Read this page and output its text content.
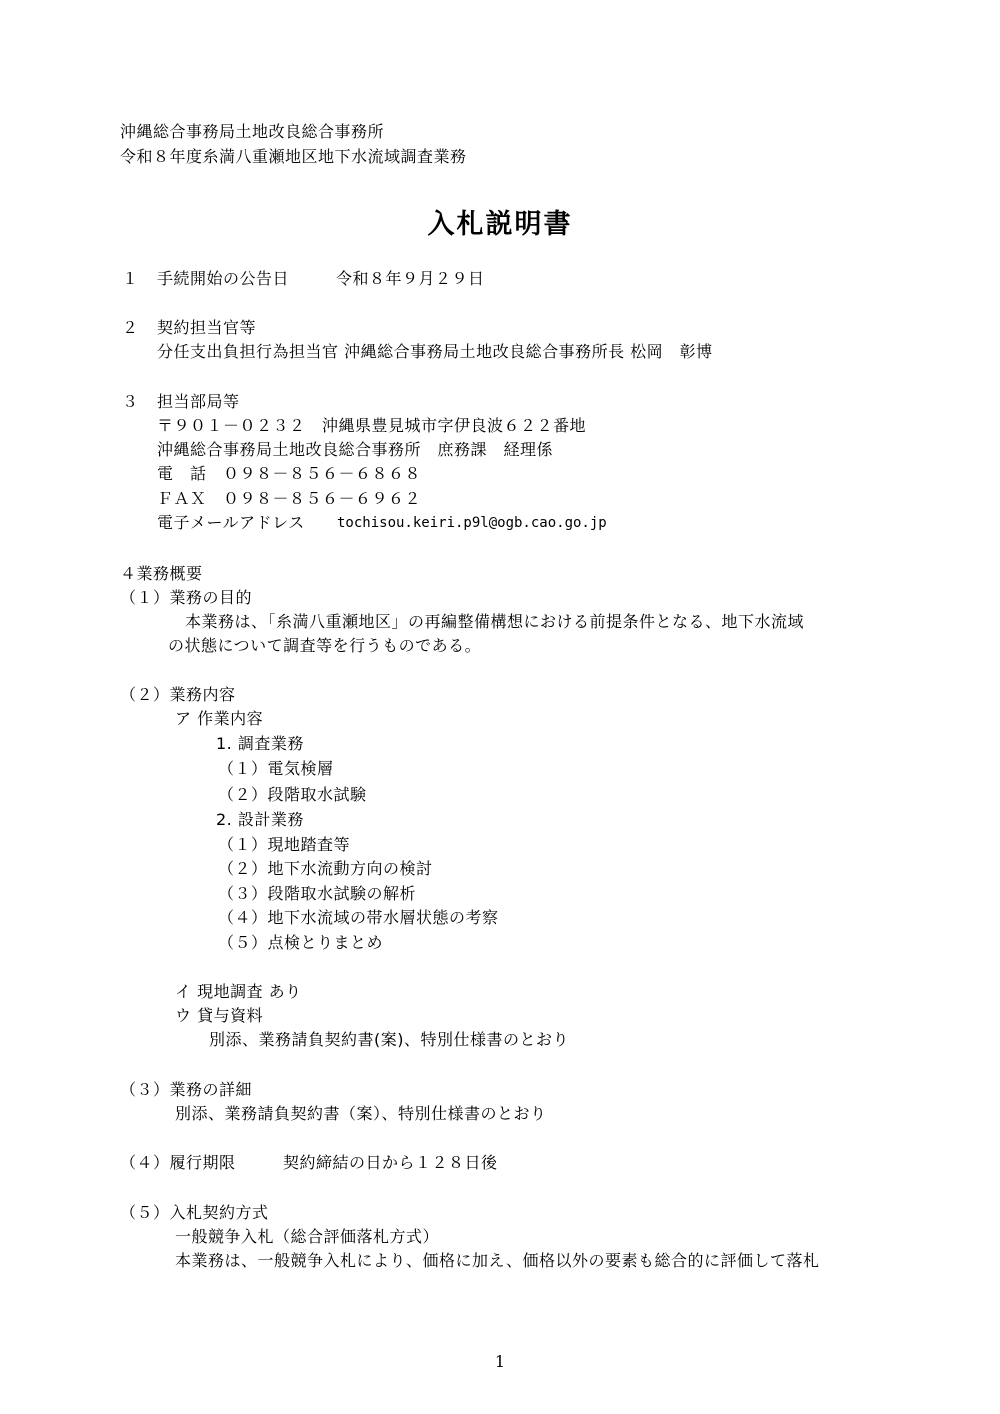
沖縄総合事務局土地改良総合事務所
令和８年度糸満八重瀬地区地下水流域調査業務
入札説明書
１ 手続開始の公告日	令和８年９月２９日
２ 契約担当官等
分任支出負担行為担当官 沖縄総合事務局土地改良総合事務所長 松岡　彰博
３ 担当部局等
〒９０１－０２３２　沖縄県豊見城市字伊良波６２２番地
沖縄総合事務局土地改良総合事務所　庶務課　経理係
電　話　０９８－８５６－６８６８
ＦＡＸ　０９８－８５６－６９６２
電子メールアドレス tochisou.keiri.p9l@ogb.cao.go.jp
４業務概要
（１）業務の目的
本業務は、「糸満八重瀬地区」の再編整備構想における前提条件となる、地下水流域
の状態について調査等を行うものである。
（２）業務内容
ア 作業内容
1. 調査業務
（１）電気検層
（２）段階取水試験
2. 設計業務
（１）現地踏査等
（２）地下水流動方向の検討
（３）段階取水試験の解析
（４）地下水流域の帯水層状態の考察
（５）点検とりまとめ
イ 現地調査 あり
ウ 貸与資料
別添、業務請負契約書(案)、特別仕様書のとおり
（３）業務の詳細
別添、業務請負契約書（案）、特別仕様書のとおり
（４）履行期限	契約締結の日から１２８日後
（５）入札契約方式
一般競争入札（総合評価落札方式）
本業務は、一般競争入札により、価格に加え、価格以外の要素も総合的に評価して落札
1
